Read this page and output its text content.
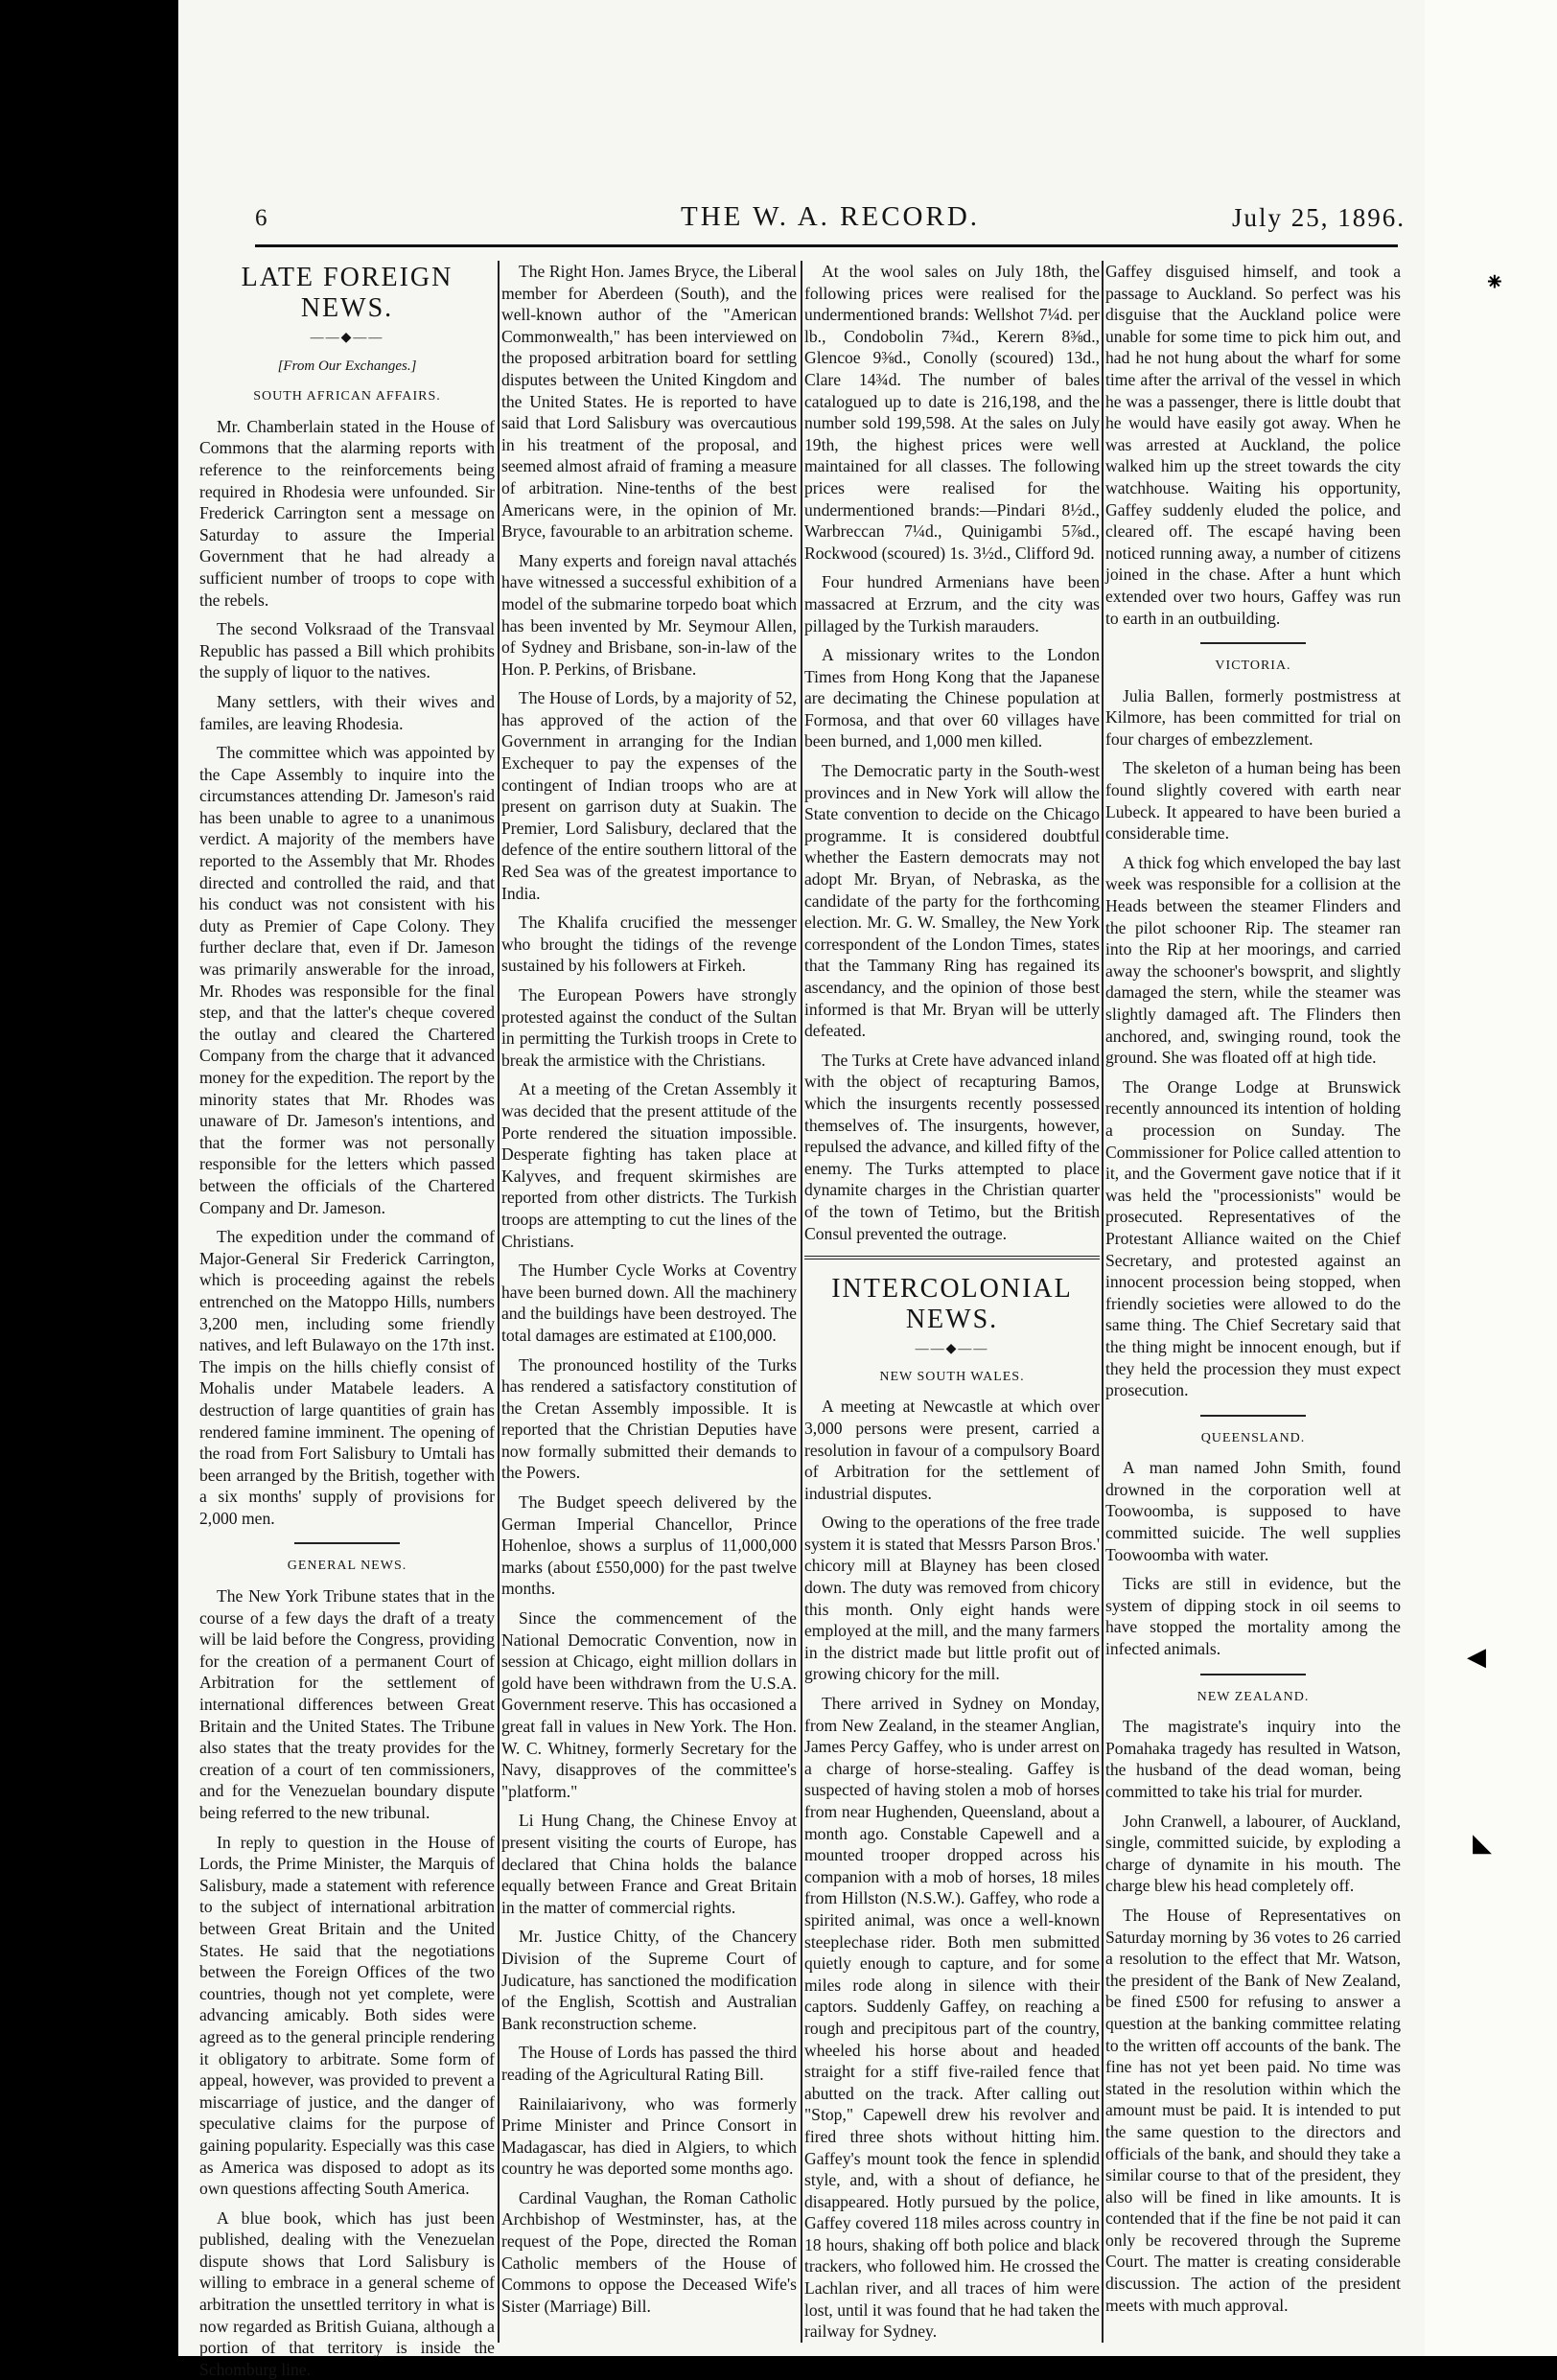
⁕
◀
◣
6	THE W. A. RECORD.	July 25, 1896.
LATE FOREIGN NEWS.
——◆——
[From Our Exchanges.]
SOUTH AFRICAN AFFAIRS.

Mr. Chamberlain stated in the House of Commons that the alarming reports with reference to the reinforcements being required in Rhodesia were unfounded. Sir Frederick Carrington sent a message on Saturday to assure the Imperial Government that he had already a sufficient number of troops to cope with the rebels.

The second Volksraad of the Transvaal Republic has passed a Bill which prohibits the supply of liquor to the natives.

Many settlers, with their wives and familes, are leaving Rhodesia.

The committee which was appointed by the Cape Assembly to inquire into the circumstances attending Dr. Jameson's raid has been unable to agree to a unanimous verdict. A majority of the members have reported to the Assembly that Mr. Rhodes directed and controlled the raid, and that his conduct was not consistent with his duty as Premier of Cape Colony. They further declare that, even if Dr. Jameson was primarily answerable for the inroad, Mr. Rhodes was responsible for the final step, and that the latter's cheque covered the outlay and cleared the Chartered Company from the charge that it advanced money for the expedition. The report by the minority states that Mr. Rhodes was unaware of Dr. Jameson's intentions, and that the former was not personally responsible for the letters which passed between the officials of the Chartered Company and Dr. Jameson.

The expedition under the command of Major-General Sir Frederick Carrington, which is proceeding against the rebels entrenched on the Matoppo Hills, numbers 3,200 men, including some friendly natives, and left Bulawayo on the 17th inst. The impis on the hills chiefly consist of Mohalis under Matabele leaders. A destruction of large quantities of grain has rendered famine imminent. The opening of the road from Fort Salisbury to Umtali has been arranged by the British, together with a six months' supply of provisions for 2,000 men.

GENERAL NEWS.

The New York Tribune states that in the course of a few days the draft of a treaty will be laid before the Congress, providing for the creation of a permanent Court of Arbitration for the settlement of international differences between Great Britain and the United States. The Tribune also states that the treaty provides for the creation of a court of ten commissioners, and for the Venezuelan boundary dispute being referred to the new tribunal.

In reply to question in the House of Lords, the Prime Minister, the Marquis of Salisbury, made a statement with reference to the subject of international arbitration between Great Britain and the United States. He said that the negotiations between the Foreign Offices of the two countries, though not yet complete, were advancing amicably. Both sides were agreed as to the general principle rendering it obligatory to arbitrate. Some form of appeal, however, was provided to prevent a miscarriage of justice, and the danger of speculative claims for the purpose of gaining popularity. Especially was this case as America was disposed to adopt as its own questions affecting South America.

A blue book, which has just been published, dealing with the Venezuelan dispute shows that Lord Salisbury is willing to embrace in a general scheme of arbitration the unsettled territory in what is now regarded as British Guiana, although a portion of that territory is inside the Schomburg line.

The Right Hon. James Bryce, the Liberal member for Aberdeen (South), and the well-known author of the "American Commonwealth," has been interviewed on the proposed arbitration board for settling disputes between the United Kingdom and the United States. He is reported to have said that Lord Salisbury was overcautious in his treatment of the proposal, and seemed almost afraid of framing a measure of arbitration. Nine-tenths of the best Americans were, in the opinion of Mr. Bryce, favourable to an arbitration scheme.

Many experts and foreign naval attachés have witnessed a successful exhibition of a model of the submarine torpedo boat which has been invented by Mr. Seymour Allen, of Sydney and Brisbane, son-in-law of the Hon. P. Perkins, of Brisbane.

The House of Lords, by a majority of 52, has approved of the action of the Government in arranging for the Indian Exchequer to pay the expenses of the contingent of Indian troops who are at present on garrison duty at Suakin. The Premier, Lord Salisbury, declared that the defence of the entire southern littoral of the Red Sea was of the greatest importance to India.

The Khalifa crucified the messenger who brought the tidings of the revenge sustained by his followers at Firkeh.

The European Powers have strongly protested against the conduct of the Sultan in permitting the Turkish troops in Crete to break the armistice with the Christians.

At a meeting of the Cretan Assembly it was decided that the present attitude of the Porte rendered the situation impossible. Desperate fighting has taken place at Kalyves, and frequent skirmishes are reported from other districts. The Turkish troops are attempting to cut the lines of the Christians.

The Humber Cycle Works at Coventry have been burned down. All the machinery and the buildings have been destroyed. The total damages are estimated at £100,000.

The pronounced hostility of the Turks has rendered a satisfactory constitution of the Cretan Assembly impossible. It is reported that the Christian Deputies have now formally submitted their demands to the Powers.

The Budget speech delivered by the German Imperial Chancellor, Prince Hohenloe, shows a surplus of 11,000,000 marks (about £550,000) for the past twelve months.

Since the commencement of the National Democratic Convention, now in session at Chicago, eight million dollars in gold have been withdrawn from the U.S.A. Government reserve. This has occasioned a great fall in values in New York. The Hon. W. C. Whitney, formerly Secretary for the Navy, disapproves of the committee's "platform."

Li Hung Chang, the Chinese Envoy at present visiting the courts of Europe, has declared that China holds the balance equally between France and Great Britain in the matter of commercial rights.

Mr. Justice Chitty, of the Chancery Division of the Supreme Court of Judicature, has sanctioned the modification of the English, Scottish and Australian Bank reconstruction scheme.

The House of Lords has passed the third reading of the Agricultural Rating Bill.

Rainilaiarivony, who was formerly Prime Minister and Prince Consort in Madagascar, has died in Algiers, to which country he was deported some months ago.

Cardinal Vaughan, the Roman Catholic Archbishop of Westminster, has, at the request of the Pope, directed the Roman Catholic members of the House of Commons to oppose the Deceased Wife's Sister (Marriage) Bill.

At the wool sales on July 18th, the following prices were realised for the undermentioned brands: Wellshot 7¼d. per lb., Condobolin 7¾d., Kerern 8⅜d., Glencoe 9⅜d., Conolly (scoured) 13d., Clare 14¾d. The number of bales catalogued up to date is 216,198, and the number sold 199,598. At the sales on July 19th, the highest prices were well maintained for all classes. The following prices were realised for the undermentioned brands:—Pindari 8½d., Warbreccan 7¼d., Quinigambi 5⅞d., Rockwood (scoured) 1s. 3½d., Clifford 9d.

Four hundred Armenians have been massacred at Erzrum, and the city was pillaged by the Turkish marauders.

A missionary writes to the London Times from Hong Kong that the Japanese are decimating the Chinese population at Formosa, and that over 60 villages have been burned, and 1,000 men killed.

The Democratic party in the South-west provinces and in New York will allow the State convention to decide on the Chicago programme. It is considered doubtful whether the Eastern democrats may not adopt Mr. Bryan, of Nebraska, as the candidate of the party for the forthcoming election. Mr. G. W. Smalley, the New York correspondent of the London Times, states that the Tammany Ring has regained its ascendancy, and the opinion of those best informed is that Mr. Bryan will be utterly defeated.

The Turks at Crete have advanced inland with the object of recapturing Bamos, which the insurgents recently possessed themselves of. The insurgents, however, repulsed the advance, and killed fifty of the enemy. The Turks attempted to place dynamite charges in the Christian quarter of the town of Tetimo, but the British Consul prevented the outrage.

INTERCOLONIAL NEWS.
——◆——
NEW SOUTH WALES.

A meeting at Newcastle at which over 3,000 persons were present, carried a resolution in favour of a compulsory Board of Arbitration for the settlement of industrial disputes.

Owing to the operations of the free trade system it is stated that Messrs Parson Bros.' chicory mill at Blayney has been closed down. The duty was removed from chicory this month. Only eight hands were employed at the mill, and the many farmers in the district made but little profit out of growing chicory for the mill.

There arrived in Sydney on Monday, from New Zealand, in the steamer Anglian, James Percy Gaffey, who is under arrest on a charge of horse-stealing. Gaffey is suspected of having stolen a mob of horses from near Hughenden, Queensland, about a month ago. Constable Capewell and a mounted trooper dropped across his companion with a mob of horses, 18 miles from Hillston (N.S.W.). Gaffey, who rode a spirited animal, was once a well-known steeplechase rider. Both men submitted quietly enough to capture, and for some miles rode along in silence with their captors. Suddenly Gaffey, on reaching a rough and precipitous part of the country, wheeled his horse about and headed straight for a stiff five-railed fence that abutted on the track. After calling out "Stop," Capewell drew his revolver and fired three shots without hitting him. Gaffey's mount took the fence in splendid style, and, with a shout of defiance, he disappeared. Hotly pursued by the police, Gaffey covered 118 miles across country in 18 hours, shaking off both police and black trackers, who followed him. He crossed the Lachlan river, and all traces of him were lost, until it was found that he had taken the railway for Sydney.

Gaffey disguised himself, and took a passage to Auckland. So perfect was his disguise that the Auckland police were unable for some time to pick him out, and had he not hung about the wharf for some time after the arrival of the vessel in which he was a passenger, there is little doubt that he would have easily got away. When he was arrested at Auckland, the police walked him up the street towards the city watchhouse. Waiting his opportunity, Gaffey suddenly eluded the police, and cleared off. The escapé having been noticed running away, a number of citizens joined in the chase. After a hunt which extended over two hours, Gaffey was run to earth in an outbuilding.

VICTORIA.

Julia Ballen, formerly postmistress at Kilmore, has been committed for trial on four charges of embezzlement.

The skeleton of a human being has been found slightly covered with earth near Lubeck. It appeared to have been buried a considerable time.

A thick fog which enveloped the bay last week was responsible for a collision at the Heads between the steamer Flinders and the pilot schooner Rip. The steamer ran into the Rip at her moorings, and carried away the schooner's bowsprit, and slightly damaged the stern, while the steamer was slightly damaged aft. The Flinders then anchored, and, swinging round, took the ground. She was floated off at high tide.

The Orange Lodge at Brunswick recently announced its intention of holding a procession on Sunday. The Commissioner for Police called attention to it, and the Goverment gave notice that if it was held the "processionists" would be prosecuted. Representatives of the Protestant Alliance waited on the Chief Secretary, and protested against an innocent procession being stopped, when friendly societies were allowed to do the same thing. The Chief Secretary said that the thing might be innocent enough, but if they held the procession they must expect prosecution.

QUEENSLAND.

A man named John Smith, found drowned in the corporation well at Toowoomba, is supposed to have committed suicide. The well supplies Toowoomba with water.

Ticks are still in evidence, but the system of dipping stock in oil seems to have stopped the mortality among the infected animals.

NEW ZEALAND.

The magistrate's inquiry into the Pomahaka tragedy has resulted in Watson, the husband of the dead woman, being committed to take his trial for murder.

John Cranwell, a labourer, of Auckland, single, committed suicide, by exploding a charge of dynamite in his mouth. The charge blew his head completely off.

The House of Representatives on Saturday morning by 36 votes to 26 carried a resolution to the effect that Mr. Watson, the president of the Bank of New Zealand, be fined £500 for refusing to answer a question at the banking committee relating to the written off accounts of the bank. The fine has not yet been paid. No time was stated in the resolution within which the amount must be paid. It is intended to put the same question to the directors and officials of the bank, and should they take a similar course to that of the president, they also will be fined in like amounts. It is contended that if the fine be not paid it can only be recovered through the Supreme Court. The matter is creating considerable discussion. The action of the president meets with much approval.
